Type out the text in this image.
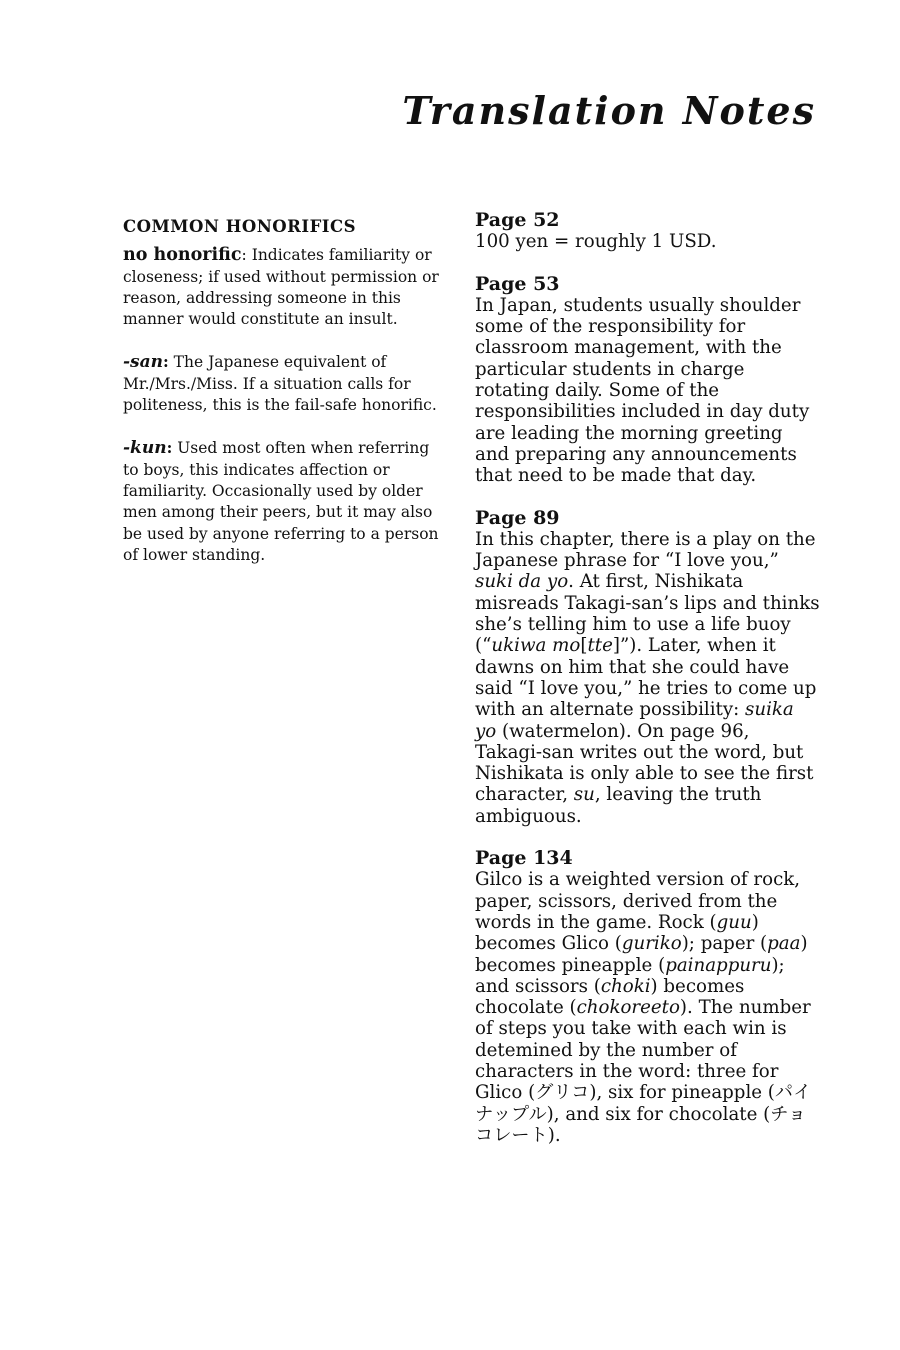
Translation Notes
COMMON HONORIFICS
no honorific: Indicates familiarity or closeness; if used without permission or reason, addressing someone in this manner would constitute an insult.
-san: The Japanese equivalent of Mr./Mrs./Miss. If a situation calls for politeness, this is the fail-safe honorific.
-kun: Used most often when referring to boys, this indicates affection or familiarity. Occasionally used by older men among their peers, but it may also be used by anyone referring to a person of lower standing.
Page 52
100 yen = roughly 1 USD.
Page 53
In Japan, students usually shoulder some of the responsibility for classroom management, with the particular students in charge rotating daily. Some of the responsibilities included in day duty are leading the morning greeting and preparing any announcements that need to be made that day.
Page 89
In this chapter, there is a play on the Japanese phrase for “I love you,” suki da yo. At first, Nishikata misreads Takagi-san’s lips and thinks she’s telling him to use a life buoy (“ukiwa mo[tte]”). Later, when it dawns on him that she could have said “I love you,” he tries to come up with an alternate possibility: suika yo (watermelon). On page 96, Takagi-san writes out the word, but Nishikata is only able to see the first character, su, leaving the truth ambiguous.
Page 134
Gilco is a weighted version of rock, paper, scissors, derived from the words in the game. Rock (guu) becomes Glico (guriko); paper (paa) becomes pineapple (painappuru); and scissors (choki) becomes chocolate (chokoreeto). The number of steps you take with each win is detemined by the number of characters in the word: three for Glico (グリコ), six for pineapple (パイナップル), and six for chocolate (チョコレート).
